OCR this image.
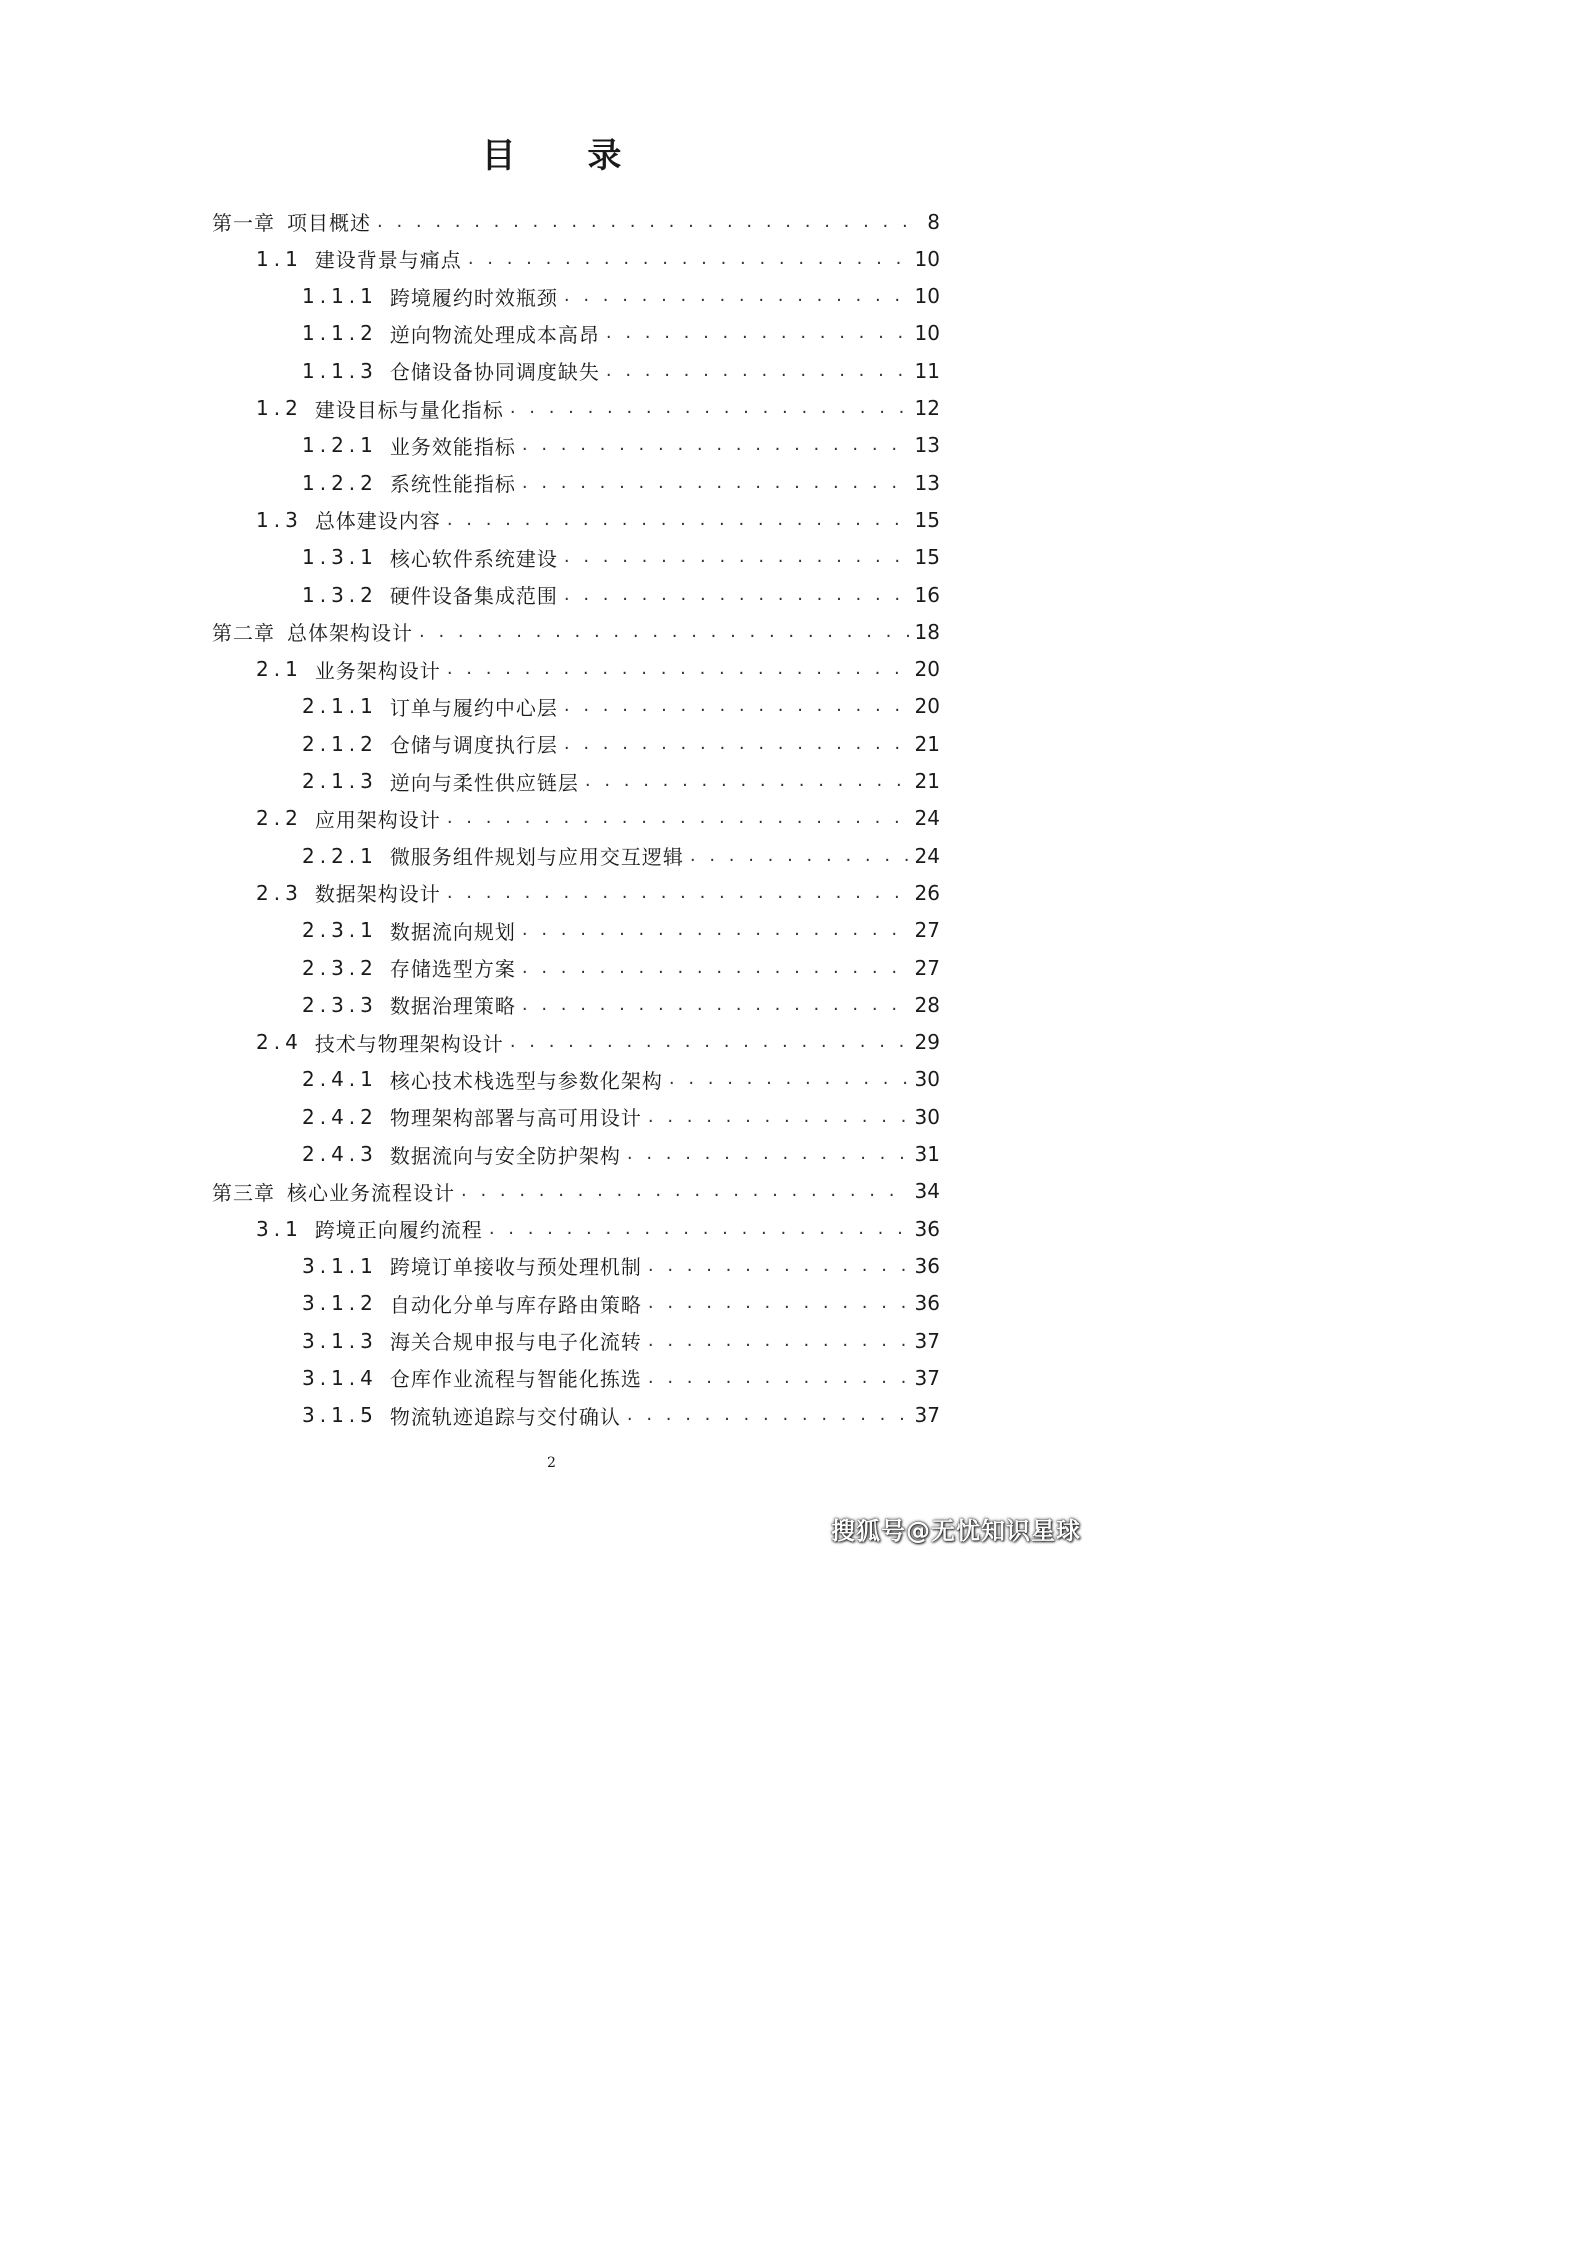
目 录
第一章 项目概述 . . .	8
1.1 建设背景与痛点 . . .	10
1.1.1 跨境履约时效瓶颈 . . .	10
1.1.2 逆向物流处理成本高昂 . . .	10
1.1.3 仓储设备协同调度缺失 . . .	11
1.2 建设目标与量化指标 . . .	12
1.2.1 业务效能指标 . . .	13
1.2.2 系统性能指标 . . .	13
1.3 总体建设内容 . . .	15
1.3.1 核心软件系统建设 . . .	15
1.3.2 硬件设备集成范围 . . .	16
第二章 总体架构设计 . . .	18
2.1 业务架构设计 . . .	20
2.1.1 订单与履约中心层 . . .	20
2.1.2 仓储与调度执行层 . . .	21
2.1.3 逆向与柔性供应链层 . . .	21
2.2 应用架构设计 . . .	24
2.2.1 微服务组件规划与应用交互逻辑 . . .	24
2.3 数据架构设计 . . .	26
2.3.1 数据流向规划 . . .	27
2.3.2 存储选型方案 . . .	27
2.3.3 数据治理策略 . . .	28
2.4 技术与物理架构设计 . . .	29
2.4.1 核心技术栈选型与参数化架构 . . .	30
2.4.2 物理架构部署与高可用设计 . . .	30
2.4.3 数据流向与安全防护架构 . . .	31
第三章 核心业务流程设计 . . .	34
3.1 跨境正向履约流程 . . .	36
3.1.1 跨境订单接收与预处理机制 . . .	36
3.1.2 自动化分单与库存路由策略 . . .	36
3.1.3 海关合规申报与电子化流转 . . .	37
3.1.4 仓库作业流程与智能化拣选 . . .	37
3.1.5 物流轨迹追踪与交付确认 . . .	37
2
搜狐号@无忧知识星球
